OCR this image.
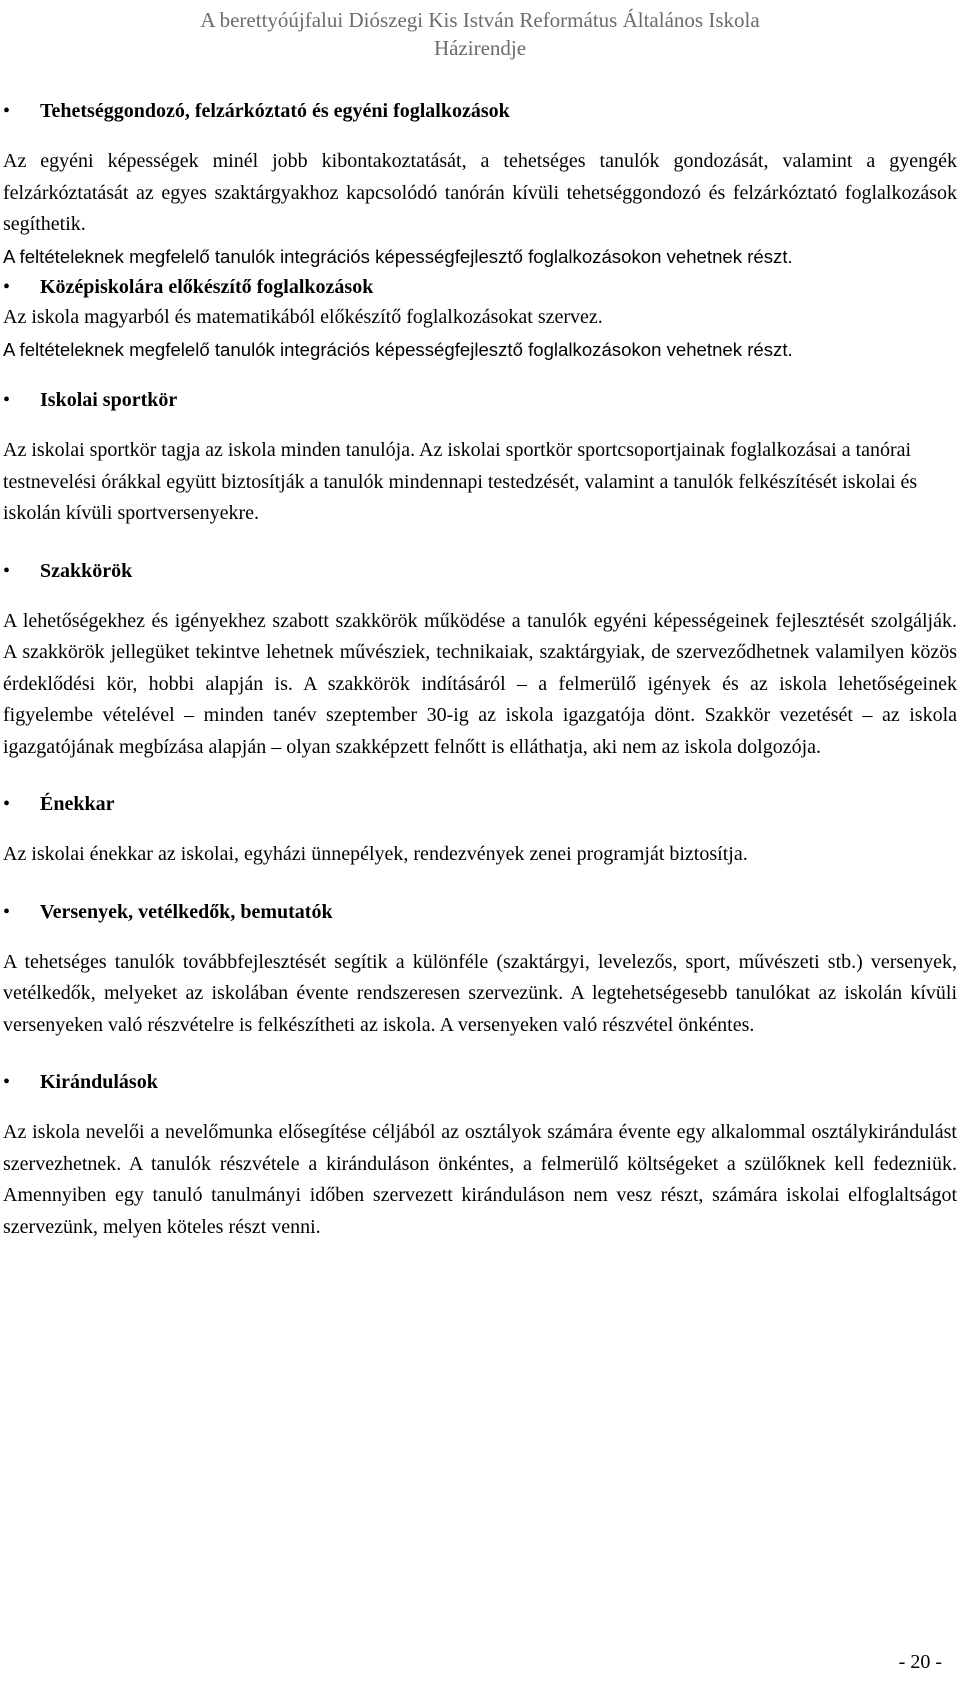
A berettyóújfalui Diószegi Kis István Református Általános Iskola
Házirendje
• Tehetséggondozó, felzárkóztató és egyéni foglalkozások

Az egyéni képességek minél jobb kibontakoztatását, a tehetséges tanulók gondozását, valamint a gyengék felzárkóztatását az egyes szaktárgyakhoz kapcsolódó tanórán kívüli tehetséggondozó és felzárkóztató foglalkozások segíthetik.

A feltételeknek megfelelő tanulók integrációs képességfejlesztő foglalkozásokon vehetnek részt.

• Középiskolára előkészítő foglalkozások

Az iskola magyarból és matematikából előkészítő foglalkozásokat szervez.

A feltételeknek megfelelő tanulók integrációs képességfejlesztő foglalkozásokon vehetnek részt.

• Iskolai sportkör

Az iskolai sportkör tagja az iskola minden tanulója. Az iskolai sportkör sportcsoportjainak foglalkozásai a tanórai testnevelési órákkal együtt biztosítják a tanulók mindennapi testedzését, valamint a tanulók felkészítését iskolai és iskolán kívüli sportversenyekre.

• Szakkörök

A lehetőségekhez és igényekhez szabott szakkörök működése a tanulók egyéni képességeinek fejlesztését szolgálják. A szakkörök jellegüket tekintve lehetnek művésziek, technikaiak, szaktárgyiak, de szerveződhetnek valamilyen közös érdeklődési kör, hobbi alapján is. A szakkörök indításáról – a felmerülő igények és az iskola lehetőségeinek figyelembe vételével – minden tanév szeptember 30-ig az iskola igazgatója dönt. Szakkör vezetését – az iskola igazgatójának megbízása alapján – olyan szakképzett felnőtt is elláthatja, aki nem az iskola dolgozója.

• Énekkar

Az iskolai énekkar az iskolai, egyházi ünnepélyek, rendezvények zenei programját biztosítja.

• Versenyek, vetélkedők, bemutatók

A tehetséges tanulók továbbfejlesztését segítik a különféle (szaktárgyi, levelezős, sport, művészeti stb.) versenyek, vetélkedők, melyeket az iskolában évente rendszeresen szervezünk. A legtehetségesebb tanulókat az iskolán kívüli versenyeken való részvételre is felkészítheti az iskola. A versenyeken való részvétel önkéntes.

• Kirándulások

Az iskola nevelői a nevelőmunka elősegítése céljából az osztályok számára évente egy alkalommal osztálykirándulást szervezhetnek. A tanulók részvétele a kiránduláson önkéntes, a felmerülő költségeket a szülőknek kell fedezniük. Amennyiben egy tanuló tanulmányi időben szervezett kiránduláson nem vesz részt, számára iskolai elfoglaltságot szervezünk, melyen köteles részt venni.

- 20 -
